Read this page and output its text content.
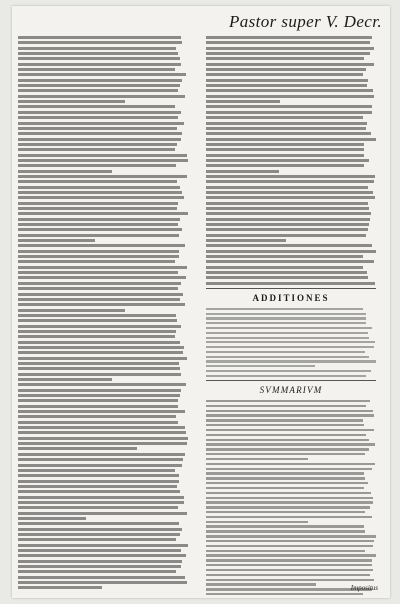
Pastor super V. Decr.
ADDITIONES
SVMMARIVM
Impositus
